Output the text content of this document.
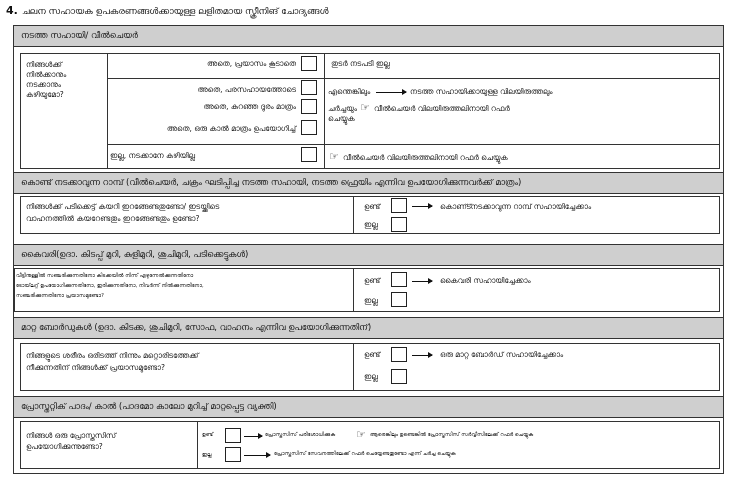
4. ചലന സഹായക ഉപകരണങ്ങൾക്കായുള്ള ലളിതമായ സ്ക്രീനിങ് ചോദ്യങ്ങൾ
നടത്ത സഹായി/ വീൽചെയർ
നിങ്ങൾക്ക്
നിൽക്കാനും
നടക്കാനും
കഴിയുമോ?
അതെ, പ്രയാസം കൂടാതെ	തുടർ നടപടി ഇല്ല
അതെ, പരസഹായത്തോടെ
അതെ, കുറഞ്ഞ ദൂരം മാത്രം
അതെ, ഒരു കാൽ മാത്രം ഉപയോഗിച്ച്
എന്തെങ്കിലും	നടത്ത സഹായിക്കായുള്ള വിലയിരുത്തലും
ചർച്ചയും ☞ വീൽചെയർ വിലയിരുത്തലിനായി റഫർ
ചെയ്യുക
ഇല്ല, നടക്കാനേ കഴിയില്ല	☞ വീൽചെയർ വിലയിരുത്തലിനായി റഫർ ചെയ്യുക
കൊണ്ട് നടക്കാവുന്ന റാമ്പ് (വീൽചെയർ, ചക്രം ഘടിപ്പിച്ച നടത്ത സഹായി, നടത്ത ഫ്രെയിം എന്നിവ ഉപയോഗിക്കുന്നവർക്ക് മാത്രം)
നിങ്ങൾക്ക് പടിക്കെട്ട് കയറി ഇറങ്ങേണ്ടതുണ്ടോ/ ഇടയ്ക്കിടെ
വാഹനത്തിൽ കയറേണ്ടതും ഇറങ്ങേണ്ടതും ഉണ്ടോ?
ഉണ്ട്	കൊണ്ട്നടക്കാവുന്ന റാമ്പ് സഹായിച്ചേക്കാം
ഇല്ല
കൈവരി(ഉദാ. കിടപ്പ് മുറി, കുളിമുറി, ശുചിമുറി, പടിക്കെട്ടുകൾ)
വീട്ടിനുള്ളിൽ സഞ്ചരിക്കുന്നതിനോ കിടക്കയിൽ നിന്ന് എഴുന്നേൽക്കുന്നതിനോ
ടോയ്‌ലറ്റ് ഉപയോഗിക്കുന്നതിനോ, ഇരിക്കുന്നതിനോ, നിവർന്ന് നിൽക്കുന്നതിനോ,
സഞ്ചരിക്കുന്നതിനോ പ്രയാസമുണ്ടോ?
ഉണ്ട്	കൈവരി സഹായിച്ചേക്കാം
ഇല്ല
മാറ്റ ബോർഡുകൾ (ഉദാ. കിടക്ക, ശുചിമുറി, സോഫ, വാഹനം എന്നിവ ഉപയോഗിക്കുന്നതിന്)
നിങ്ങളുടെ ശരീരം ഒരിടത്ത് നിന്നും മറ്റൊരിടത്തേക്ക്
നീക്കുന്നതിന് നിങ്ങൾക്ക് പ്രയാസമുണ്ടോ?
ഉണ്ട്	ഒരു മാറ്റ ബോർഡ് സഹായിച്ചേക്കാം
ഇല്ല
പ്രോസ്തറ്റിക് പാദം/ കാൽ (പാദമോ കാലോ മുറിച്ച് മാറ്റപ്പെട്ട വ്യക്തി)
നിങ്ങൾ ഒരു പ്രോസ്തസിസ്
ഉപയോഗിക്കുന്നുണ്ടോ?
ഉണ്ട്	പ്രോസ്തസിസ് പരിശോധിക്കുക ☞ ആരെങ്കിലും ഉണ്ടെങ്കിൽ പ്രോസ്തസിസ് സർവ്വീസിലേക്ക് റഫർ ചെയ്യുക
ഇല്ല	പ്രോസ്തസിസ് സേവനത്തിലേക്ക് റഫർ ചെയ്യേണ്ടതുണ്ടോ എന്ന് ചർച്ച ചെയ്യുക
